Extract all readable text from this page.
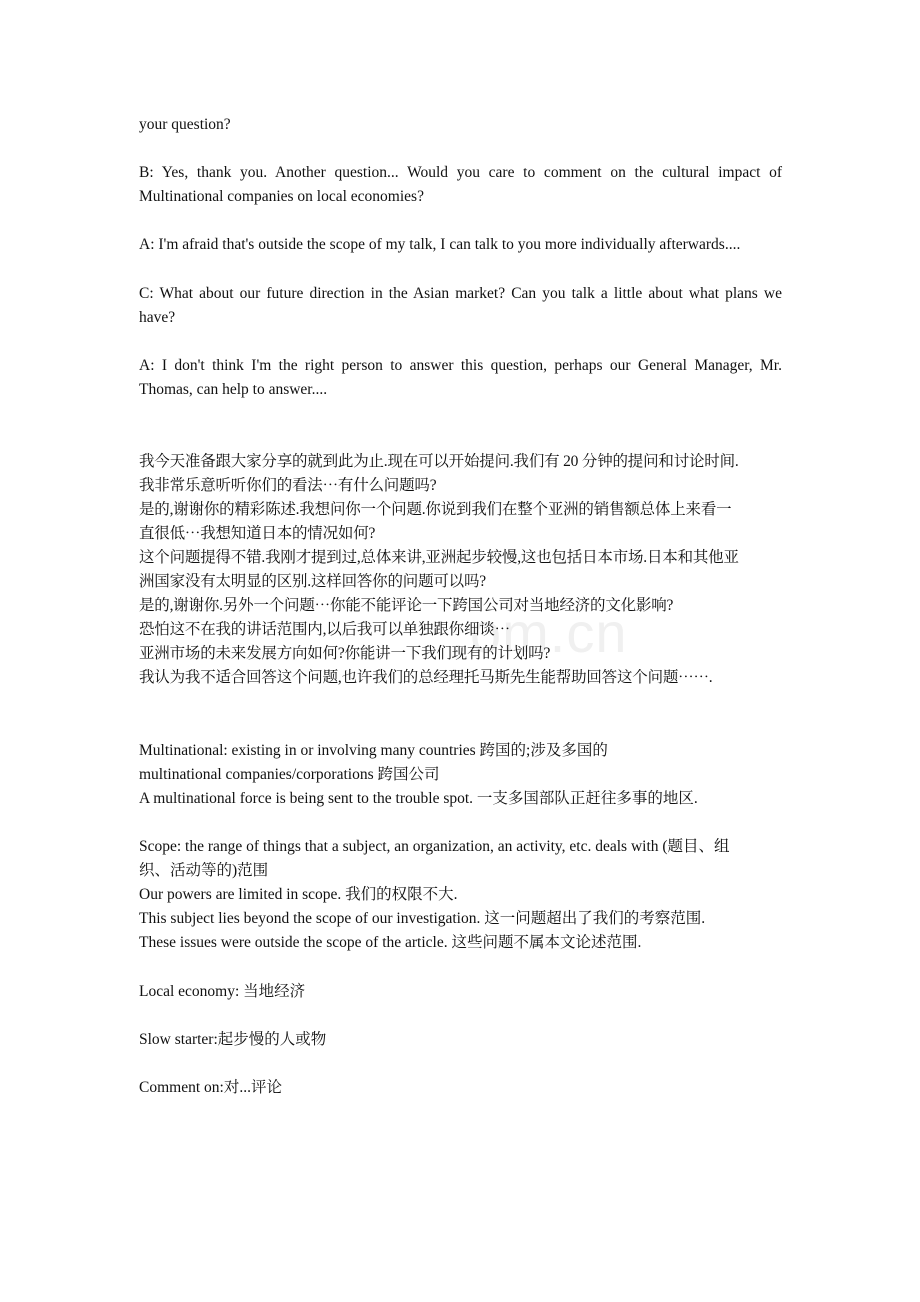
om.cn

your question?

B: Yes, thank you. Another question... Would you care to comment on the cultural impact of Multinational companies on local economies?

A: I'm afraid that's outside the scope of my talk, I can talk to you more individually afterwards....

C: What about our future direction in the Asian market? Can you talk a little about what plans we have?

A: I don't think I'm the right person to answer this question, perhaps our General Manager, Mr. Thomas, can help to answer....

我今天准备跟大家分享的就到此为止.现在可以开始提问.我们有 20 分钟的提问和讨论时间.

我非常乐意听听你们的看法⋯有什么问题吗?

是的,谢谢你的精彩陈述.我想问你一个问题.你说到我们在整个亚洲的销售额总体上来看一

直很低⋯我想知道日本的情况如何?

这个问题提得不错.我刚才提到过,总体来讲,亚洲起步较慢,这也包括日本市场.日本和其他亚

洲国家没有太明显的区别.这样回答你的问题可以吗?

是的,谢谢你.另外一个问题⋯你能不能评论一下跨国公司对当地经济的文化影响?

恐怕这不在我的讲话范围内,以后我可以单独跟你细谈⋯

亚洲市场的未来发展方向如何?你能讲一下我们现有的计划吗?

我认为我不适合回答这个问题,也许我们的总经理托马斯先生能帮助回答这个问题⋯⋯.

Multinational: existing in or involving many countries 跨国的;涉及多国的

multinational companies/corporations 跨国公司

A multinational force is being sent to the trouble spot. 一支多国部队正赶往多事的地区.

Scope: the range of things that a subject, an organization, an activity, etc. deals with (题目、组

织、活动等的)范围

Our powers are limited in scope. 我们的权限不大.

This subject lies beyond the scope of our investigation. 这一问题超出了我们的考察范围.

These issues were outside the scope of the article. 这些问题不属本文论述范围.

Local economy: 当地经济

Slow starter:起步慢的人或物

Comment on:对...评论
